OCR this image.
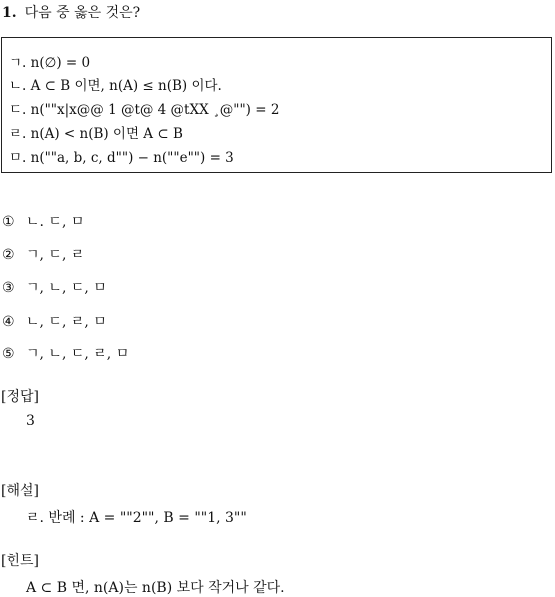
1. 다음 중 옳은 것은?
ㄱ. n(∅) = 0
ㄴ. A ⊂ B 이면, n(A) ≤ n(B) 이다.
ㄷ. n(""x|x@@ 1 @t@ 4 @tXX ¸@"") = 2
ㄹ. n(A) < n(B) 이면 A ⊂ B
ㅁ. n(""a, b, c, d"") − n(""e"") = 3
① ㄴ. ㄷ, ㅁ
② ㄱ, ㄷ, ㄹ
③ ㄱ, ㄴ, ㄷ, ㅁ
④ ㄴ, ㄷ, ㄹ, ㅁ
⑤ ㄱ, ㄴ, ㄷ, ㄹ, ㅁ
[정답]
3
[해설]
ㄹ. 반례 : A = ""2"", B = ""1, 3""
[힌트]
A ⊂ B 면, n(A)는 n(B) 보다 작거나 같다.
